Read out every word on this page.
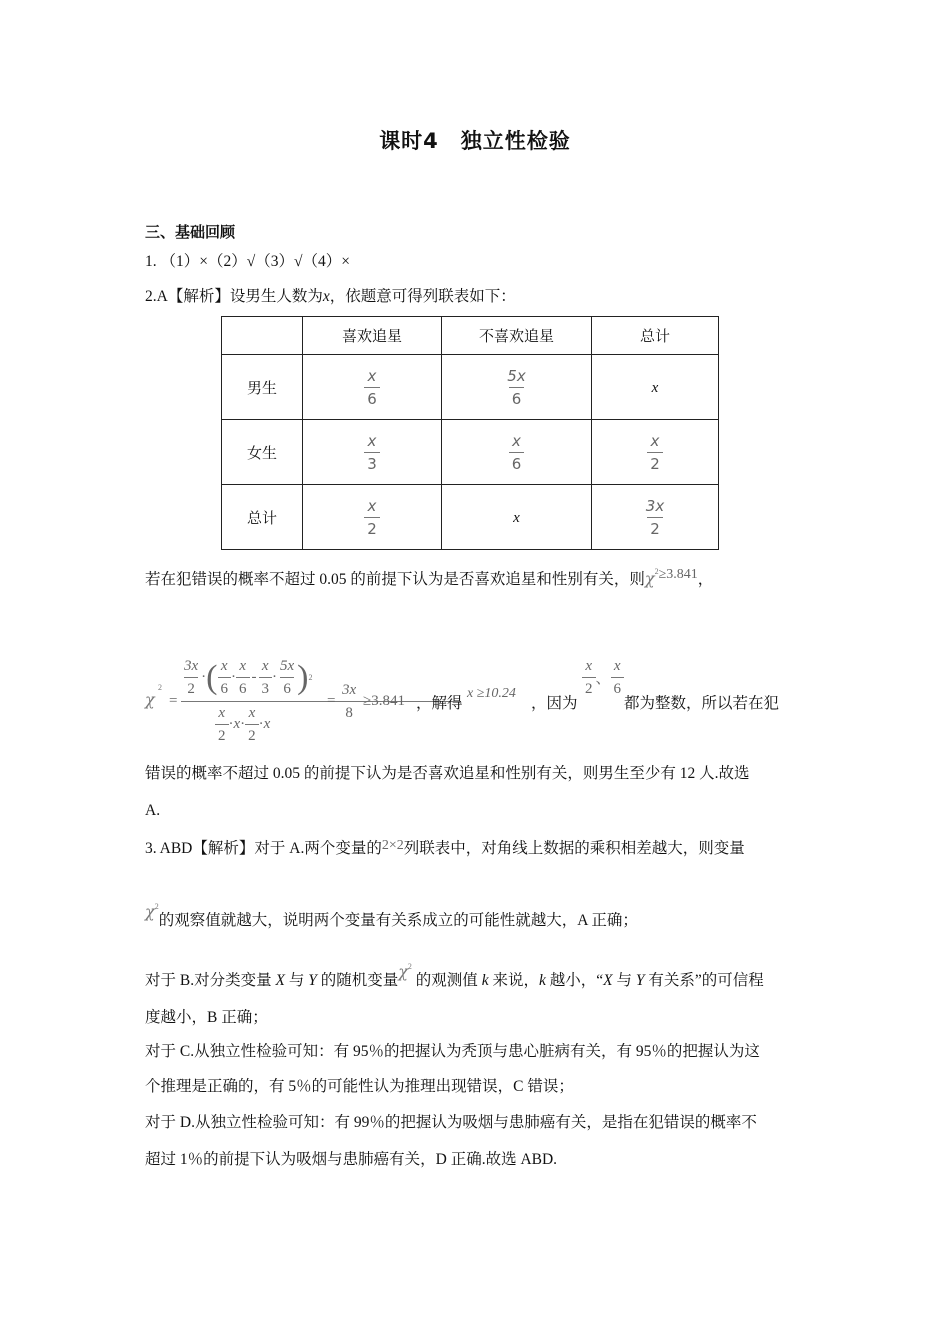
课时4　独立性检验
三、基础回顾
1. （1）×（2）√（3）√（4）×
2.A【解析】设男生人数为x，依题意可得列联表如下：
	喜欢追星	不喜欢追星	总计
男生	$\frac{x}{6}$	$\frac{5x}{6}$	x
女生	$\frac{x}{3}$	$\frac{x}{6}$	$\frac{x}{2}$

总计	$\frac{x}{2}$	x	$\frac{3x}{2}$
若在犯错误的概率不超过 0.05 的前提下认为是否喜欢追星和性别有关，则$\chi^2\ge 3.841$，
χ
2
=
$\frac{3x}{2}$ · ( $\frac{x}{6} \cdot \frac{x}{6} - \frac{x}{3} \cdot \frac{5x}{6}$ ) 2
$\frac{x}{2} \cdot x \cdot \frac{x}{2} \cdot x$
= $\frac{3x}{8} \ge 3.841$ ，解得
x ≥10.24
，因为
$\frac{x}{2}$ 、 $\frac{x}{6}$
都为整数，所以若在犯
错误的概率不超过 0.05 的前提下认为是否喜欢追星和性别有关，则男生至少有 12 人.故选
A.
3. ABD【解析】对于 A.两个变量的2×2列联表中，对角线上数据的乘积相差越大，则变量
$\chi^2$的观察值就越大，说明两个变量有关系成立的可能性就越大，A 正确；
对于 B.对分类变量 X 与 Y 的随机变量$\chi^2$ 的观测值 k 来说，k 越小，“X 与 Y 有关系”的可信程
度越小，B 正确；
对于 C.从独立性检验可知：有 95％的把握认为秃顶与患心脏病有关，有 95％的把握认为这
个推理是正确的，有 5％的可能性认为推理出现错误，C 错误；
对于 D.从独立性检验可知：有 99％的把握认为吸烟与患肺癌有关，是指在犯错误的概率不
超过 1％的前提下认为吸烟与患肺癌有关，D 正确.故选 ABD.
